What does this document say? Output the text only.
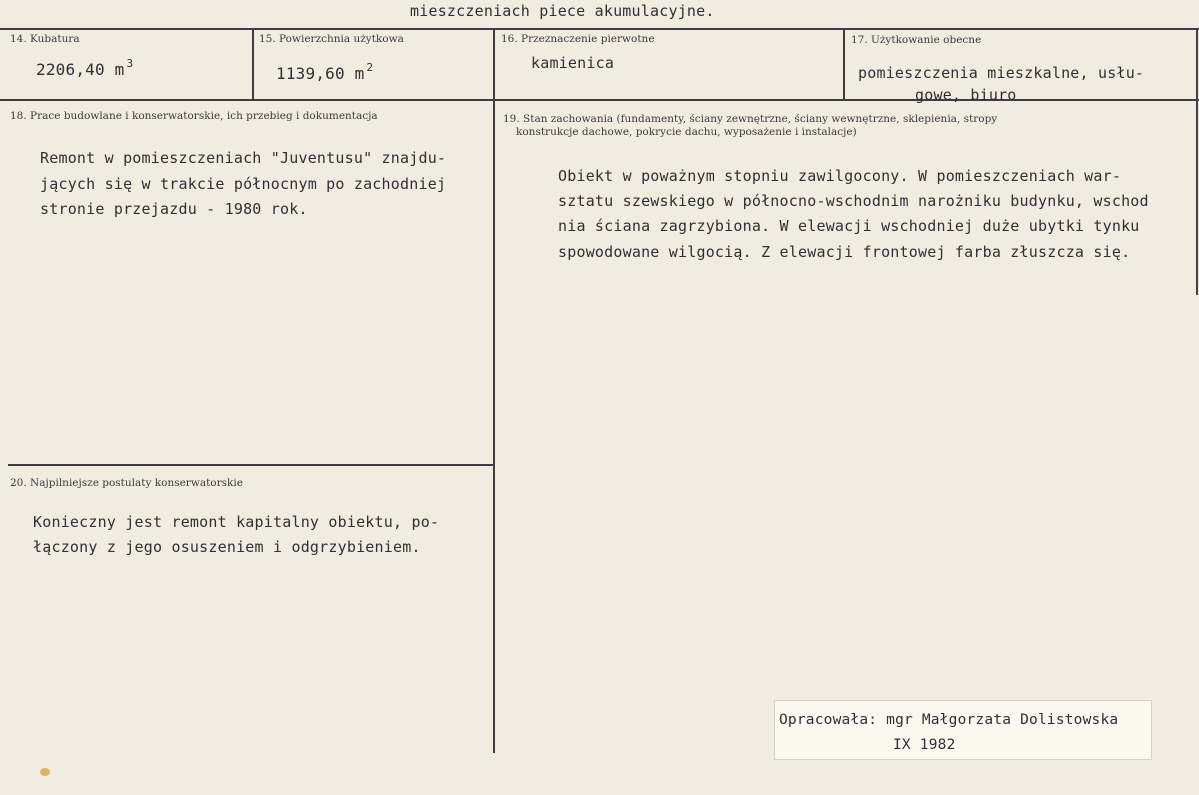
mieszczeniach piece akumulacyjne.
14. Kubatura
2206,40 m $^3$
15. Powierzchnia użytkowa
1139,60 m $^2$
16. Przeznaczenie pierwotne
kamienica
17. Użytkowanie obecne
pomieszczenia mieszkalne, usłu-
gowe, biuro
18. Prace budowlane i konserwatorskie, ich przebieg i dokumentacja
Remont w pomieszczeniach "Juventusu" znajdu-
jących się w trakcie północnym po zachodniej
stronie przejazdu - 1980 rok.
19. Stan zachowania (fundamenty, ściany zewnętrzne, ściany wewnętrzne, sklepienia, stropy
konstrukcje dachowe, pokrycie dachu, wyposażenie i instalacje)
Obiekt w poważnym stopniu zawilgocony. W pomieszczeniach war-
sztatu szewskiego w północno-wschodnim narożniku budynku, wschod
nia ściana zagrzybiona. W elewacji wschodniej duże ubytki tynku
spowodowane wilgocią. Z elewacji frontowej farba złuszcza się.
20. Najpilniejsze postulaty konserwatorskie
Konieczny jest remont kapitalny obiektu, po-
łączony z jego osuszeniem i odgrzybieniem.
Opracowała: mgr Małgorzata Dolistowska
IX 1982
